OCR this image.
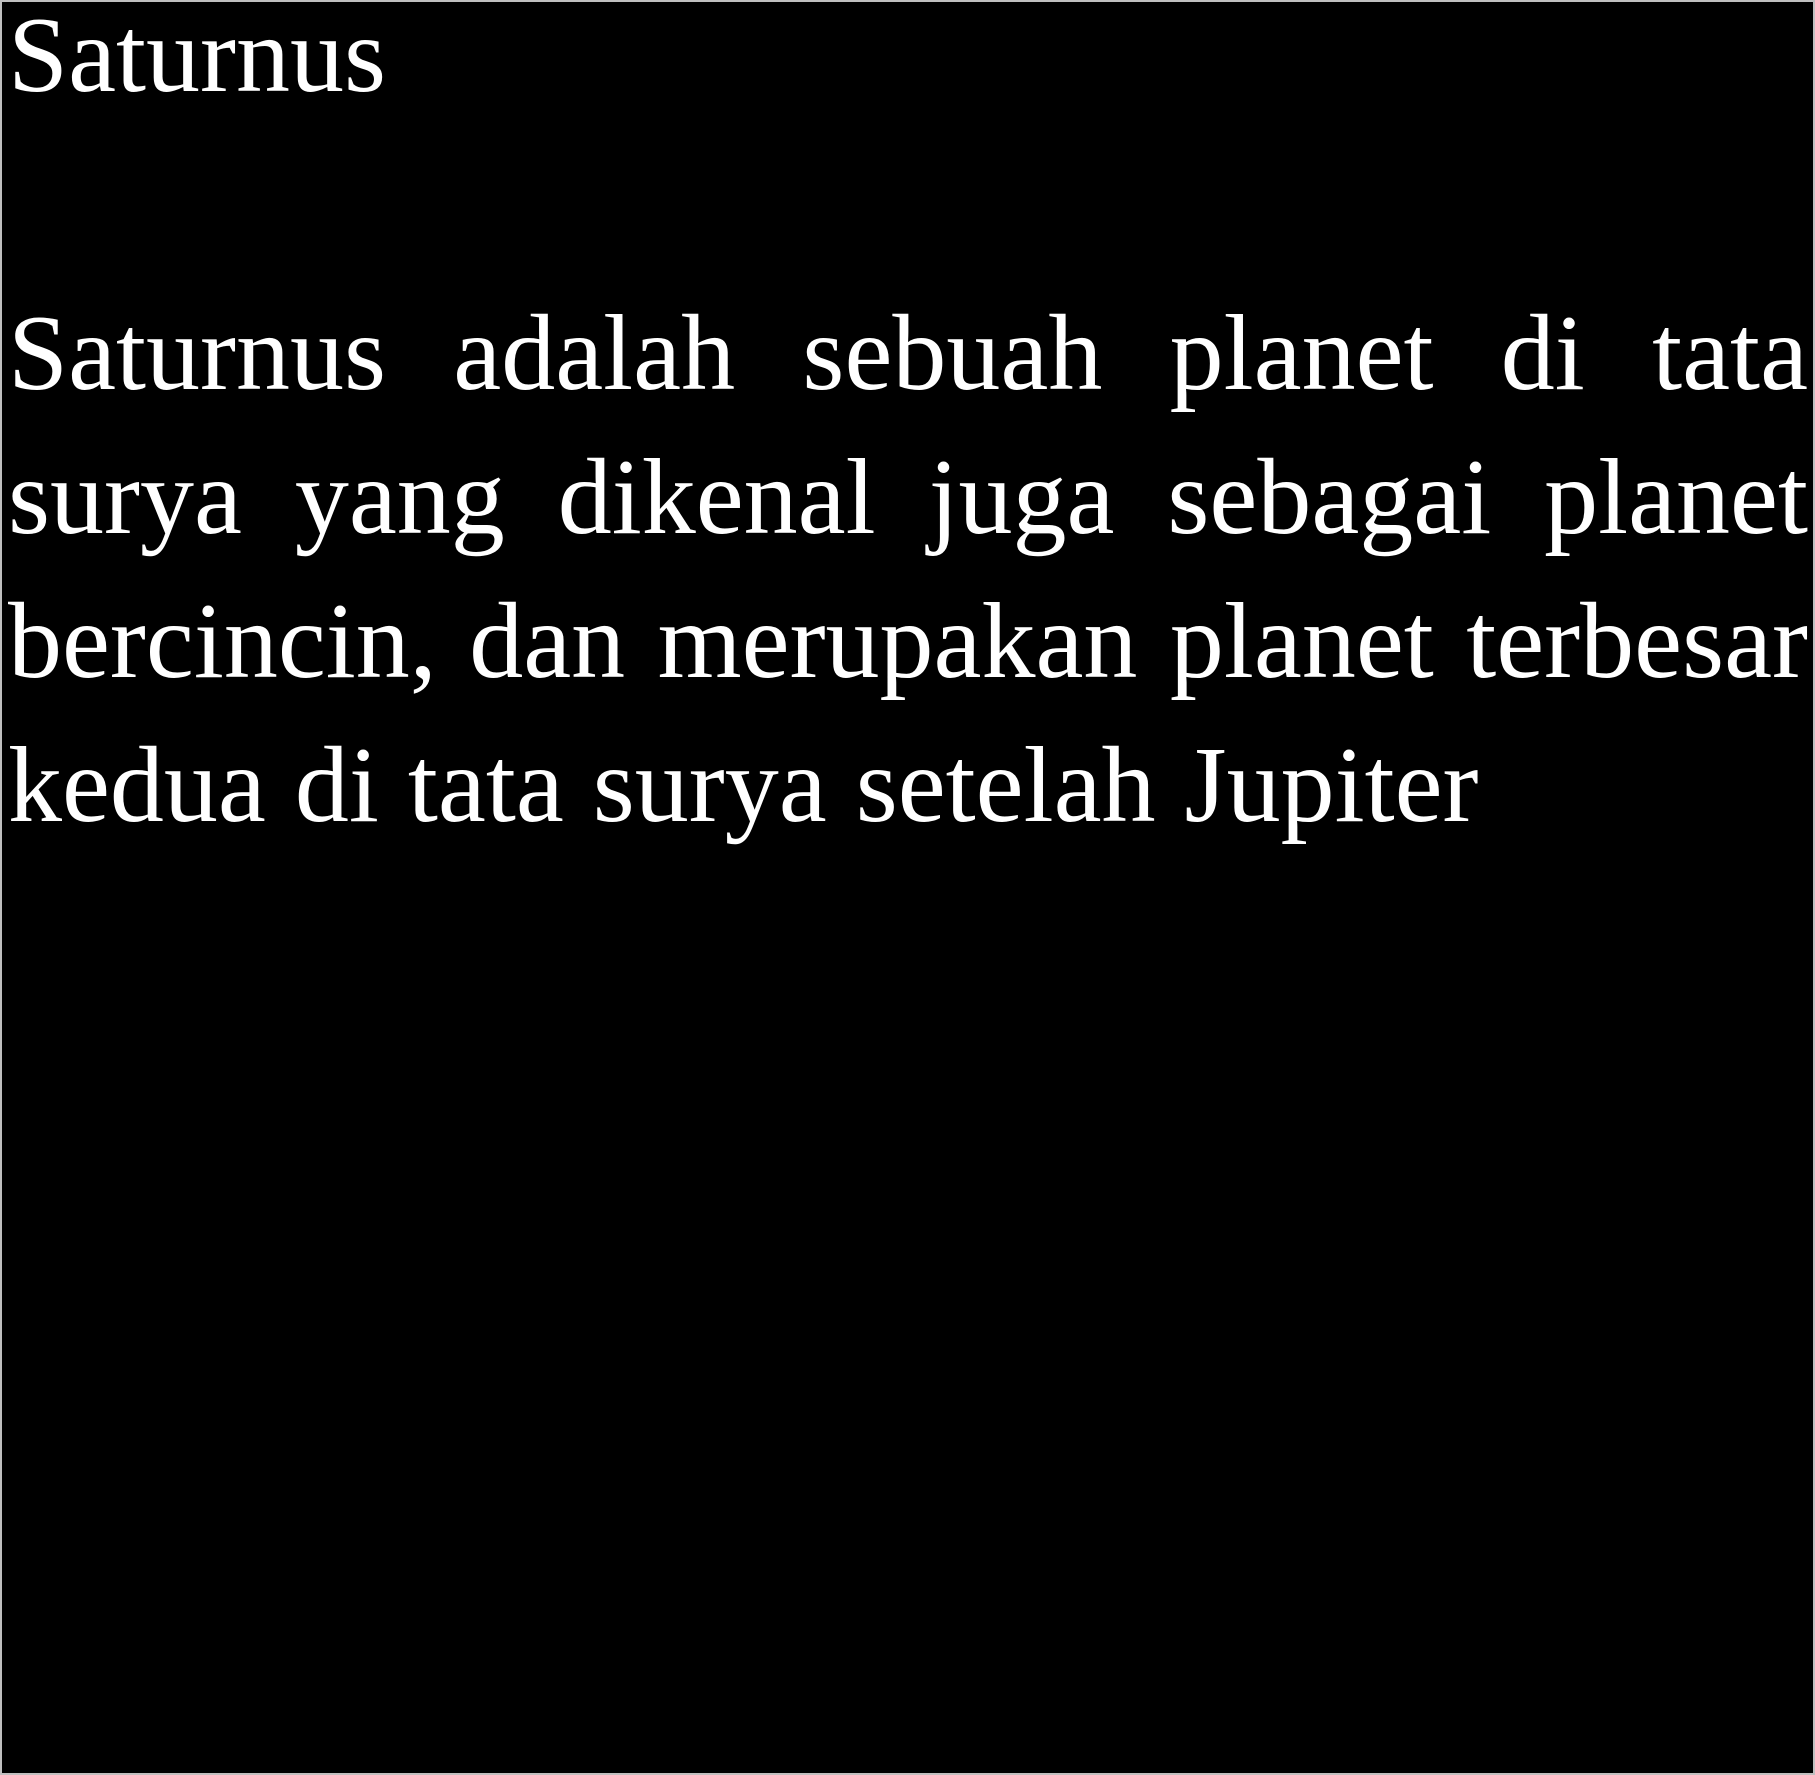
Saturnus

Saturnus adalah sebuah planet di tata surya yang dikenal juga sebagai planet bercincin, dan merupakan planet terbesar kedua di tata surya setelah Jupiter
